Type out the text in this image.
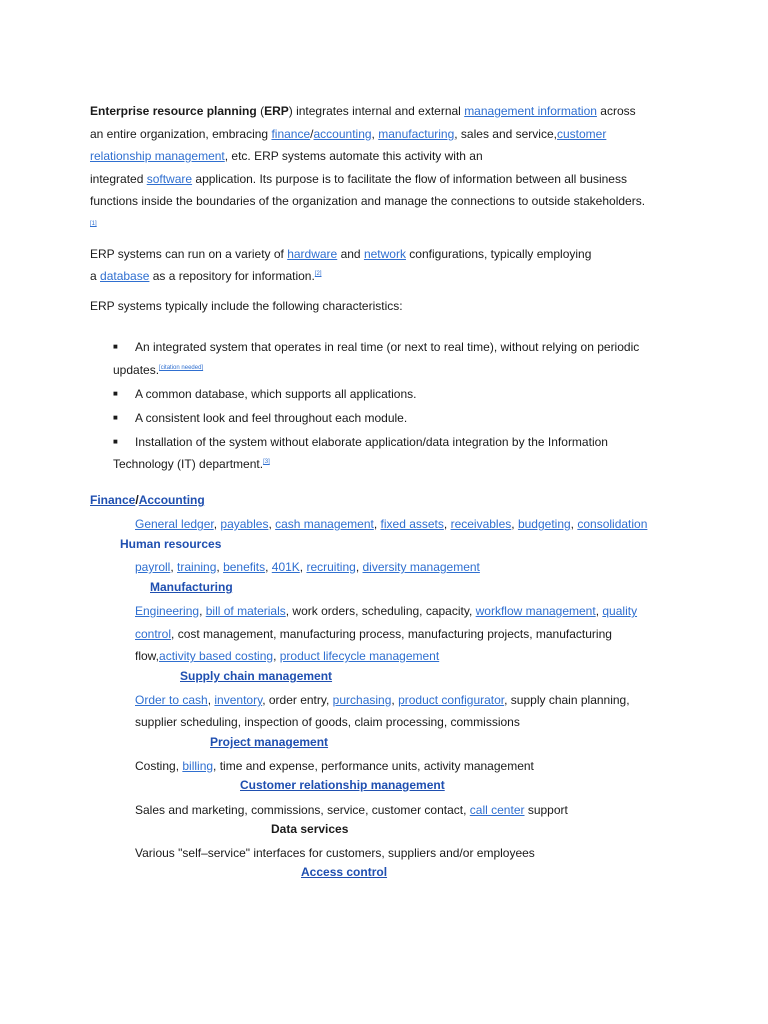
Enterprise resource planning (ERP) integrates internal and external management information across
an entire organization, embracing finance/accounting, manufacturing, sales and service,customer
relationship management, etc. ERP systems automate this activity with an
integrated software application. Its purpose is to facilitate the flow of information between all business
functions inside the boundaries of the organization and manage the connections to outside stakeholders.
[1]
ERP systems can run on a variety of hardware and network configurations, typically employing
a database as a repository for information.[2]
ERP systems typically include the following characteristics:
■ An integrated system that operates in real time (or next to real time), without relying on periodic
updates.[citation needed]
■ A common database, which supports all applications.
■ A consistent look and feel throughout each module.
■ Installation of the system without elaborate application/data integration by the Information
Technology (IT) department.[3]
Finance/Accounting
General ledger, payables, cash management, fixed assets, receivables, budgeting, consolidation
Human resources
payroll, training, benefits, 401K, recruiting, diversity management
Manufacturing
Engineering, bill of materials, work orders, scheduling, capacity, workflow management, quality
control, cost management, manufacturing process, manufacturing projects, manufacturing
flow,activity based costing, product lifecycle management
Supply chain management
Order to cash, inventory, order entry, purchasing, product configurator, supply chain planning,
supplier scheduling, inspection of goods, claim processing, commissions
Project management
Costing, billing, time and expense, performance units, activity management
Customer relationship management
Sales and marketing, commissions, service, customer contact, call center support
Data services
Various "self–service" interfaces for customers, suppliers and/or employees
Access control
